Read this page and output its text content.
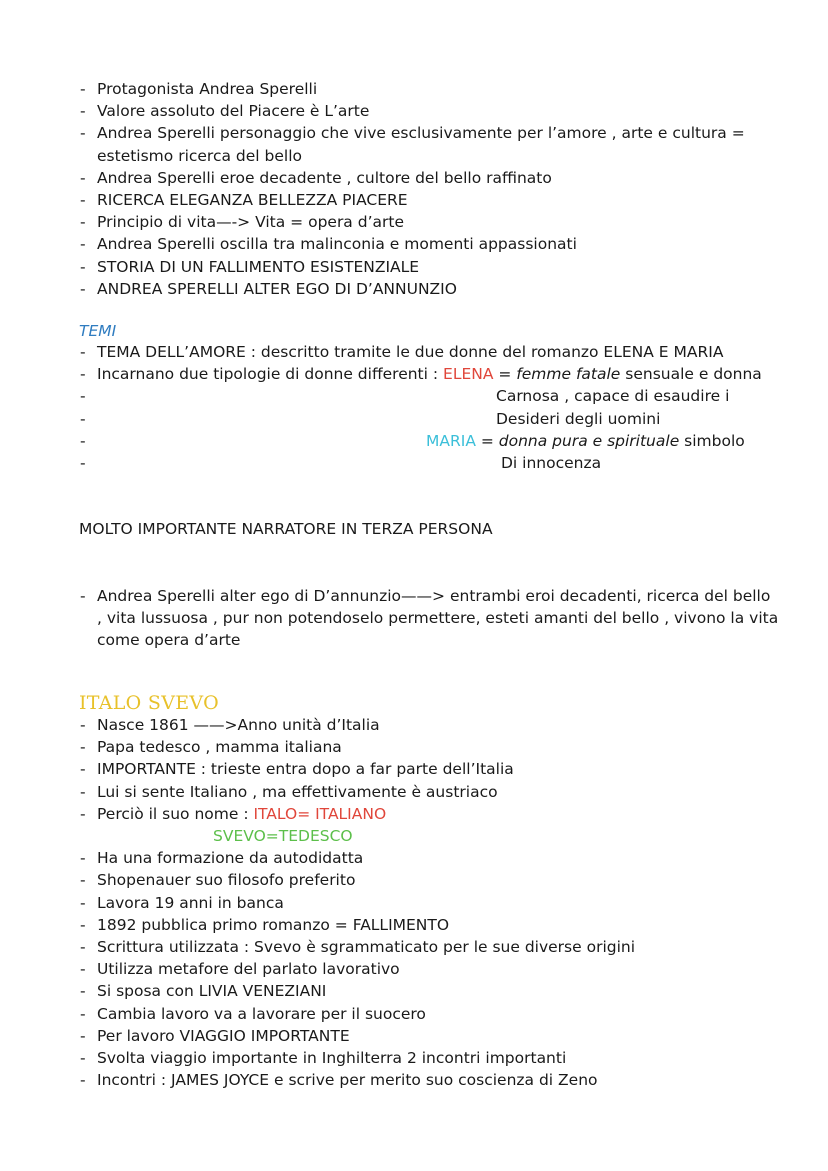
- Protagonista Andrea Sperelli
- Valore assoluto del Piacere è L’arte
- Andrea Sperelli personaggio che vive esclusivamente per l’amore , arte e cultura = estetismo ricerca del bello
- Andrea Sperelli eroe decadente , cultore del bello raffinato
- RICERCA ELEGANZA BELLEZZA PIACERE
- Principio di vita—-> Vita = opera d’arte
- Andrea Sperelli oscilla tra malinconia e momenti appassionati
- STORIA DI UN FALLIMENTO ESISTENZIALE
- ANDREA SPERELLI ALTER EGO DI D’ANNUNZIO
TEMI
- TEMA DELL’AMORE : descritto tramite le due donne del romanzo ELENA E MARIA
- Incarnano due tipologie di donne differenti : ELENA = femme fatale sensuale e donna

- Carnosa , capace di esaudire i

- Desideri degli uomini

- MARIA = donna pura e spirituale simbolo

- Di innocenza

MOLTO IMPORTANTE NARRATORE IN TERZA PERSONA

- Andrea Sperelli alter ego di D’annunzio——> entrambi eroi decadenti, ricerca del bello , vita lussuosa , pur non potendoselo permettere, esteti amanti del bello , vivono la vita come opera d’arte
ITALO SVEVO
- Nasce 1861 ——>Anno unità d’Italia
- Papa tedesco , mamma italiana
- IMPORTANTE : trieste entra dopo a far parte dell’Italia
- Lui si sente Italiano , ma effettivamente è austriaco
- Perciò il suo nome : ITALO= ITALIANO

SVEVO=TEDESCO
- Ha una formazione da autodidatta
- Shopenauer suo filosofo preferito
- Lavora 19 anni in banca
- 1892 pubblica primo romanzo = FALLIMENTO
- Scrittura utilizzata : Svevo è sgrammaticato per le sue diverse origini
- Utilizza metafore del parlato lavorativo
- Si sposa con LIVIA VENEZIANI
- Cambia lavoro va a lavorare per il suocero
- Per lavoro VIAGGIO IMPORTANTE
- Svolta viaggio importante in Inghilterra 2 incontri importanti
- Incontri : JAMES JOYCE e scrive per merito suo coscienza di Zeno
